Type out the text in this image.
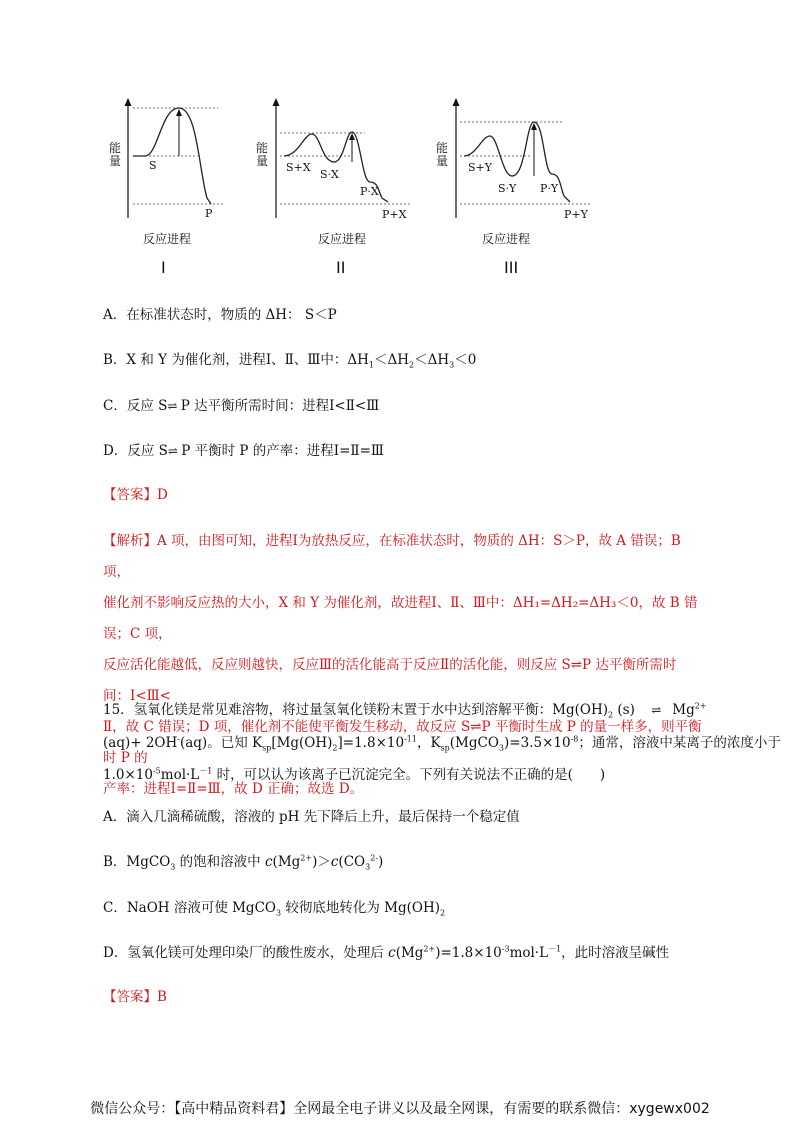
能量	S
P
反应进程
I
能量 S+X
S·X
P·X
P+X
反应进程
II
能量 S+Y
S·Y P·Y
P+Y
反应进程
III
A．在标准状态时，物质的 ΔH： S＜P
B．X 和 Y 为催化剂，进程Ⅰ、Ⅱ、Ⅲ中：$\Delta H_1<\Delta H_2<\Delta H_3<0$
C．反应 S⇌ P 达平衡所需时间：进程Ⅰ<Ⅱ<Ⅲ
D．反应 S⇌ P 平衡时 P 的产率：进程Ⅰ=Ⅱ=Ⅲ
【答案】D
【解析】A 项，由图可知，进程Ⅰ为放热反应，在标准状态时，物质的 ΔH：S＞P，故 A 错误；B 项，
催化剂不影响反应热的大小，X 和 Y 为催化剂，故进程Ⅰ、Ⅱ、Ⅲ中：ΔH₁=ΔH₂=ΔH₃＜0，故 B 错误；C 项，
反应活化能越低，反应则越快，反应Ⅲ的活化能高于反应Ⅱ的活化能，则反应 S⇌P 达平衡所需时间：Ⅰ<Ⅲ<
Ⅱ，故 C 错误；D 项，催化剂不能使平衡发生移动，故反应 S⇌P 平衡时生成 P 的量一样多，则平衡时 P 的
产率：进程Ⅰ=Ⅱ=Ⅲ，故 D 正确；故选 D。
15．氢氧化镁是常见难溶物，将过量氢氧化镁粉末置于水中达到溶解平衡：$Mg(OH)_2$ (s) ⇌ $Mg^{2+}$
(aq)+ 2OH-(aq)。已知 $K_{sp}[Mg(OH)_2]=1.8\times 10^{-11}$，$K_{sp}(MgCO_3)=3.5\times 10^{-8}$；通常，溶液中某离子的浓度小于
$1.0\times 10^{-5}mol\cdot L^{-1}$ 时，可以认为该离子已沉淀完全。下列有关说法不正确的是(　　)
A．滴入几滴稀硫酸，溶液的 pH 先下降后上升，最后保持一个稳定值
B．MgCO$_3$ 的饱和溶液中 $c(Mg^{2+})>c(CO_3^{2-})$
C．NaOH 溶液可使 MgCO$_3$ 较彻底地转化为 $Mg(OH)_2$
D．氢氧化镁可处理印染厂的酸性废水，处理后 $c(Mg^{2+})=1.8\times 10^{-3}mol\cdot L^{-1}$，此时溶液呈碱性
【答案】B
微信公众号：【高中精品资料君】全网最全电子讲义以及最全网课，有需要的联系微信：xygewx002
